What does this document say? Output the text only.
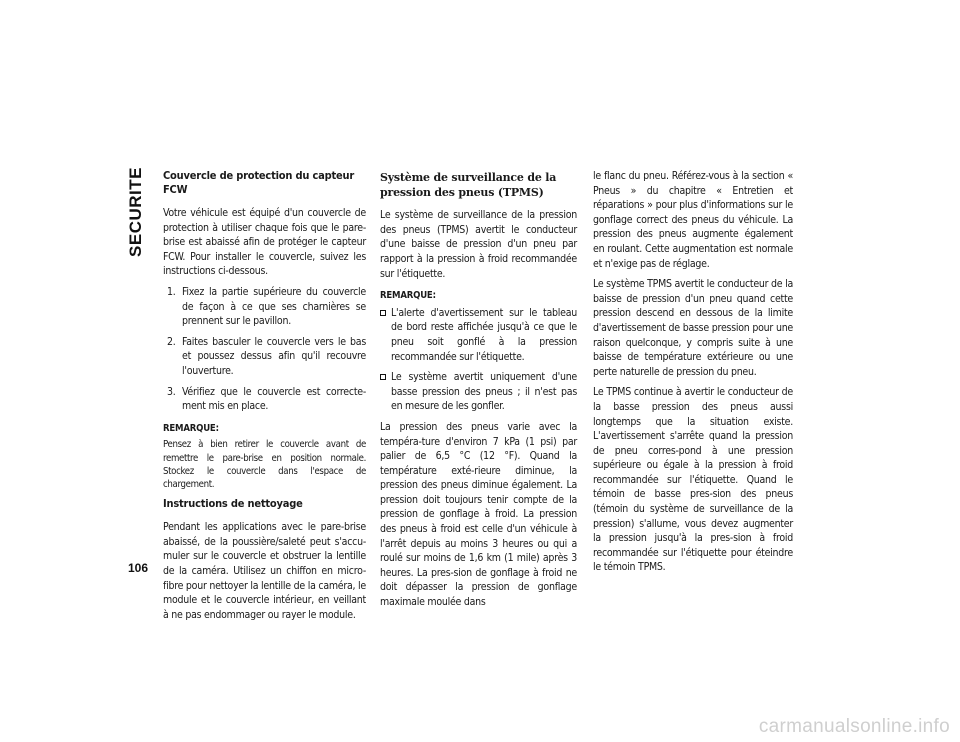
SECURITE
106
Couvercle de protection du capteur FCW

Votre véhicule est équipé d'un couvercle de protection à utiliser chaque fois que le pare-brise est abaissé afin de protéger le capteur FCW. Pour installer le couvercle, suivez les instructions ci-dessous.

1. Fixez la partie supérieure du couvercle de façon à ce que ses charnières se prennent sur le pavillon.
2. Faites basculer le couvercle vers le bas et poussez dessus afin qu'il recouvre l'ouverture.
3. Vérifiez que le couvercle est correcte-ment mis en place.
REMARQUE:

Pensez à bien retirer le couvercle avant de remettre le pare-brise en position normale. Stockez le couvercle dans l'espace de chargement.

Instructions de nettoyage

Pendant les applications avec le pare-brise abaissé, de la poussière/saleté peut s'accu-muler sur le couvercle et obstruer la lentille de la caméra. Utilisez un chiffon en micro-fibre pour nettoyer la lentille de la caméra, le module et le couvercle intérieur, en veillant à ne pas endommager ou rayer le module.

Système de surveillance de la pression des pneus (TPMS)

Le système de surveillance de la pression des pneus (TPMS) avertit le conducteur d'une baisse de pression d'un pneu par rapport à la pression à froid recommandée sur l'étiquette.

REMARQUE:
L'alerte d'avertissement sur le tableau de bord reste affichée jusqu'à ce que le pneu soit gonflé à la pression recommandée sur l'étiquette.
Le système avertit uniquement d'une basse pression des pneus ; il n'est pas en mesure de les gonfler.

La pression des pneus varie avec la tempéra-ture d'environ 7 kPa (1 psi) par palier de 6,5 °C (12 °F). Quand la température exté-rieure diminue, la pression des pneus diminue également. La pression doit toujours tenir compte de la pression de gonflage à froid. La pression des pneus à froid est celle d'un véhicule à l'arrêt depuis au moins 3 heures ou qui a roulé sur moins de 1,6 km (1 mile) après 3 heures. La pres-sion de gonflage à froid ne doit dépasser la pression de gonflage maximale moulée dans

le flanc du pneu. Référez-vous à la section « Pneus » du chapitre « Entretien et réparations » pour plus d'informations sur le gonflage correct des pneus du véhicule. La pression des pneus augmente également en roulant. Cette augmentation est normale et n'exige pas de réglage.

Le système TPMS avertit le conducteur de la baisse de pression d'un pneu quand cette pression descend en dessous de la limite d'avertissement de basse pression pour une raison quelconque, y compris suite à une baisse de température extérieure ou une perte naturelle de pression du pneu.

Le TPMS continue à avertir le conducteur de la basse pression des pneus aussi longtemps que la situation existe. L'avertissement s'arrête quand la pression de pneu corres-pond à une pression supérieure ou égale à la pression à froid recommandée sur l'étiquette. Quand le témoin de basse pres-sion des pneus (témoin du système de surveillance de la pression) s'allume, vous devez augmenter la pression jusqu'à la pres-sion à froid recommandée sur l'étiquette pour éteindre le témoin TPMS.

carmanualsonline.info
